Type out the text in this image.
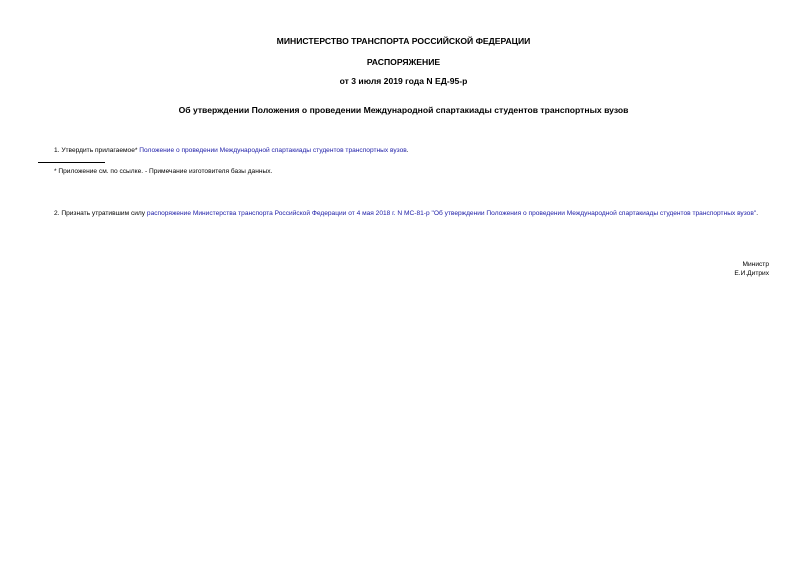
МИНИСТЕРСТВО ТРАНСПОРТА РОССИЙСКОЙ ФЕДЕРАЦИИ
РАСПОРЯЖЕНИЕ
от 3 июля 2019 года N ЕД-95-р
Об утверждении Положения о проведении Международной спартакиады студентов транспортных вузов
1. Утвердить прилагаемое* Положение о проведении Международной спартакиады студентов транспортных вузов.
* Приложение см. по ссылке. - Примечание изготовителя базы данных.
2. Признать утратившим силу распоряжение Министерства транспорта Российской Федерации от 4 мая 2018 г. N МС-81-р "Об утверждении Положения о проведении Международной спартакиады студентов транспортных вузов".
Министр
Е.И.Дитрих
